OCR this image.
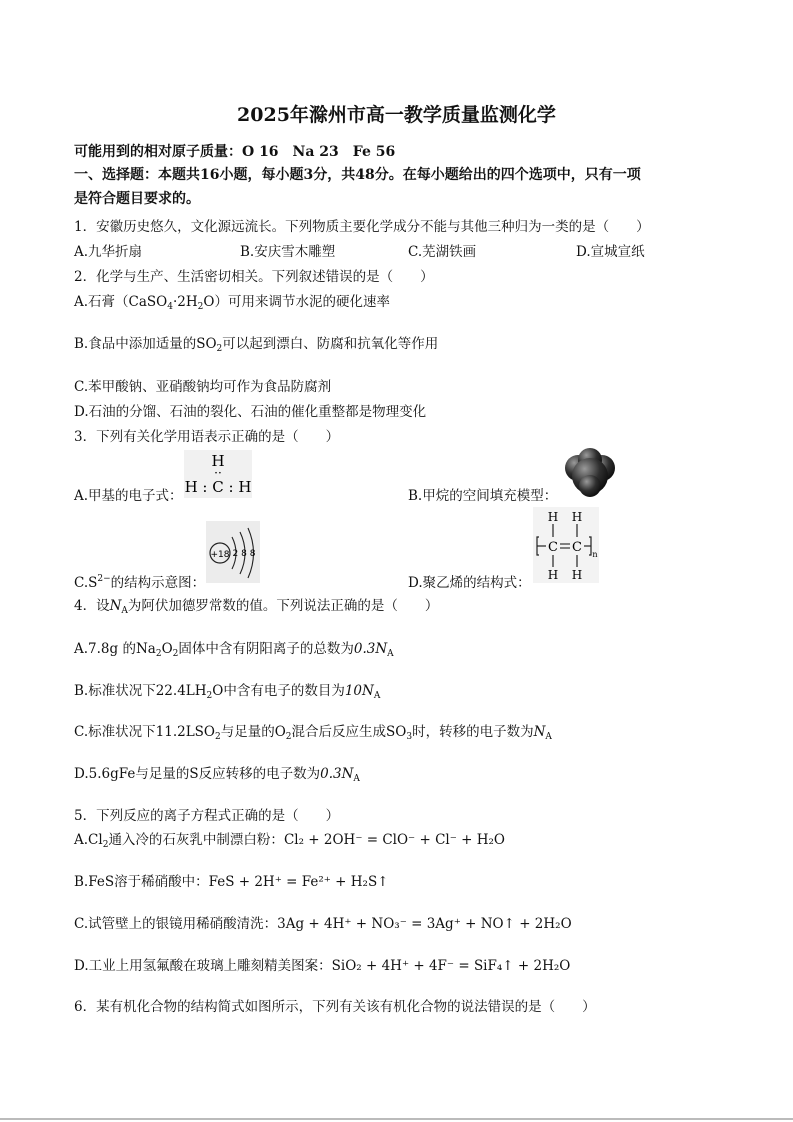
2025年滁州市高一教学质量监测化学
可能用到的相对原子质量：O 16　Na 23　Fe 56
一、选择题：本题共16小题，每小题3分，共48分。在每小题给出的四个选项中，只有一项
是符合题目要求的。
1．安徽历史悠久，文化源远流长。下列物质主要化学成分不能与其他三种归为一类的是（　　）
A.九华折扇	B.安庆雪木雕塑	C.芜湖铁画	D.宣城宣纸
2．化学与生产、生活密切相关。下列叙述错误的是（　　）
A.石膏$(CaSO_4\cdot 2H_2O)$可用来调节水泥的硬化速率
B.食品中添加适量的$SO_2$可以起到漂白、防腐和抗氧化等作用
C.苯甲酸钠、亚硝酸钠均可作为食品防腐剂
D.石油的分馏、石油的裂化、石油的催化重整都是物理变化
3．下列有关化学用语表示正确的是（　　）
A.甲基的电子式：
H
··
H : C : H	B.甲烷的空间填充模型：
$C.S^{2-}$的结构示意图：
+18 2 8 8
D.聚乙烯的结构式：
H H
C C n
H H
4．设$N_A$为阿伏加德罗常数的值。下列说法正确的是（　　）
A.7.8g 的$Na_2O_2$固体中含有阴阳离子的总数为$0.3N_A$
B.标准状况下$22.4LH_2O$中含有电子的数目为$10N_A$
C.标准状况下$11.2LSO_2$与足量的$O_2$混合后反应生成$SO_3$时，转移的电子数为$N_A$
D.5.6gFe与足量的S反应转移的电子数为$0.3N_A$
5．下列反应的离子方程式正确的是（　　）
$A.Cl_2$通入冷的石灰乳中制漂白粉：Cl₂ + 2OH⁻ = ClO⁻ + Cl⁻ + H₂O
B.FeS溶于稀硝酸中：FeS + 2H⁺ = Fe²⁺ + H₂S↑
C.试管壁上的银镜用稀硝酸清洗：3Ag + 4H⁺ + NO₃⁻ = 3Ag⁺ + NO↑ + 2H₂O
D.工业上用氢氟酸在玻璃上雕刻精美图案：SiO₂ + 4H⁺ + 4F⁻ = SiF₄↑ + 2H₂O
6．某有机化合物的结构简式如图所示，下列有关该有机化合物的说法错误的是（　　）
